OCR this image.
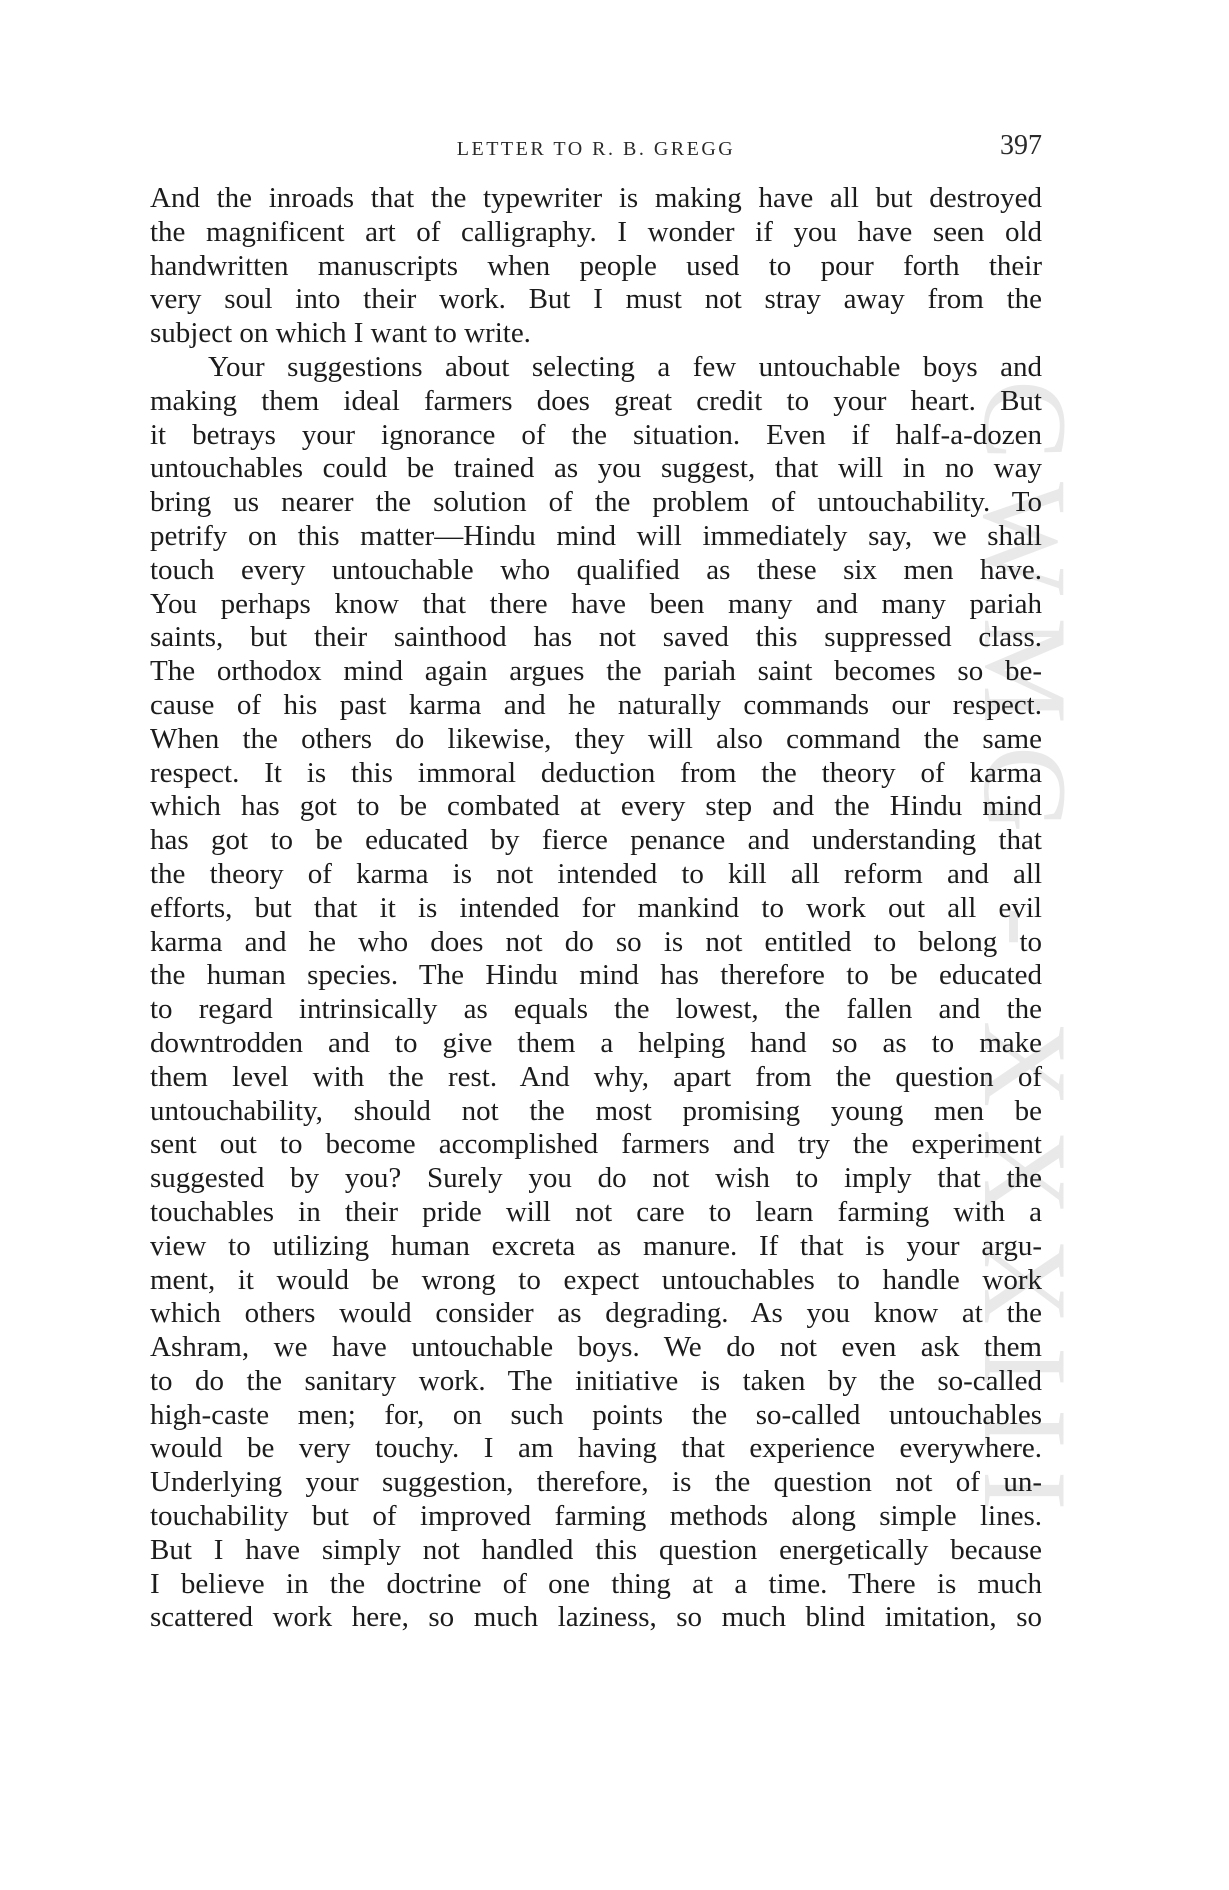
CWMG - XXXIII
LETTER TO R. B. GREGG	397
And the inroads that the typewriter is making have all but destroyed
the magnificent art of calligraphy. I wonder if you have seen old
handwritten manuscripts when people used to pour forth their
very soul into their work. But I must not stray away from the
subject on which I want to write.
Your suggestions about selecting a few untouchable boys and
making them ideal farmers does great credit to your heart. But
it betrays your ignorance of the situation. Even if half-a-dozen
untouchables could be trained as you suggest, that will in no way
bring us nearer the solution of the problem of untouchability. To
petrify on this matter—Hindu mind will immediately say, we shall
touch every untouchable who qualified as these six men have.
You perhaps know that there have been many and many pariah
saints, but their sainthood has not saved this suppressed class.
The orthodox mind again argues the pariah saint becomes so be-
cause of his past karma and he naturally commands our respect.
When the others do likewise, they will also command the same
respect. It is this immoral deduction from the theory of karma
which has got to be combated at every step and the Hindu mind
has got to be educated by fierce penance and understanding that
the theory of karma is not intended to kill all reform and all
efforts, but that it is intended for mankind to work out all evil
karma and he who does not do so is not entitled to belong to
the human species. The Hindu mind has therefore to be educated
to regard intrinsically as equals the lowest, the fallen and the
downtrodden and to give them a helping hand so as to make
them level with the rest. And why, apart from the question of
untouchability, should not the most promising young men be
sent out to become accomplished farmers and try the experiment
suggested by you? Surely you do not wish to imply that the
touchables in their pride will not care to learn farming with a
view to utilizing human excreta as manure. If that is your argu-
ment, it would be wrong to expect untouchables to handle work
which others would consider as degrading. As you know at the
Ashram, we have untouchable boys. We do not even ask them
to do the sanitary work. The initiative is taken by the so-called
high-caste men; for, on such points the so-called untouchables
would be very touchy. I am having that experience everywhere.
Underlying your suggestion, therefore, is the question not of un-
touchability but of improved farming methods along simple lines.
But I have simply not handled this question energetically because
I believe in the doctrine of one thing at a time. There is much
scattered work here, so much laziness, so much blind imitation, so
